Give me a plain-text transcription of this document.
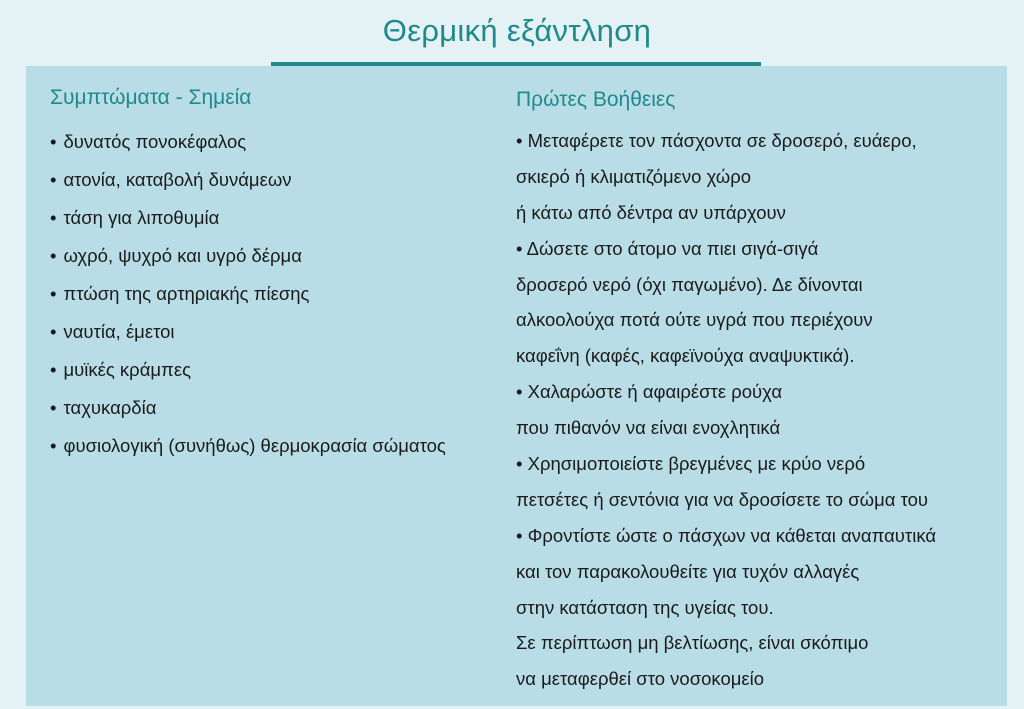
Θερμική εξάντληση
Συμπτώματα - Σημεία
• δυνατός πονοκέφαλος
• ατονία, καταβολή δυνάμεων
• τάση για λιποθυμία
• ωχρό, ψυχρό και υγρό δέρμα
• πτώση της αρτηριακής πίεσης
• ναυτία, έμετοι
• μυϊκές κράμπες
• ταχυκαρδία
• φυσιολογική (συνήθως) θερμοκρασία σώματος
Πρώτες Βοήθειες
• Μεταφέρετε τον πάσχοντα σε δροσερό, ευάερο,
σκιερό ή κλιματιζόμενο χώρο
ή κάτω από δέντρα αν υπάρχουν
• Δώσετε στο άτομο να πιει σιγά-σιγά
δροσερό νερό (όχι παγωμένο). Δε δίνονται
αλκοολούχα ποτά ούτε υγρά που περιέχουν
καφεΐνη (καφές, καφεϊνούχα αναψυκτικά).
• Χαλαρώστε ή αφαιρέστε ρούχα
που πιθανόν να είναι ενοχλητικά
• Χρησιμοποιείστε βρεγμένες με κρύο νερό
πετσέτες ή σεντόνια για να δροσίσετε το σώμα του
• Φροντίστε ώστε ο πάσχων να κάθεται αναπαυτικά
και τον παρακολουθείτε για τυχόν αλλαγές
στην κατάσταση της υγείας του.
Σε περίπτωση μη βελτίωσης, είναι σκόπιμο
να μεταφερθεί στο νοσοκομείο
